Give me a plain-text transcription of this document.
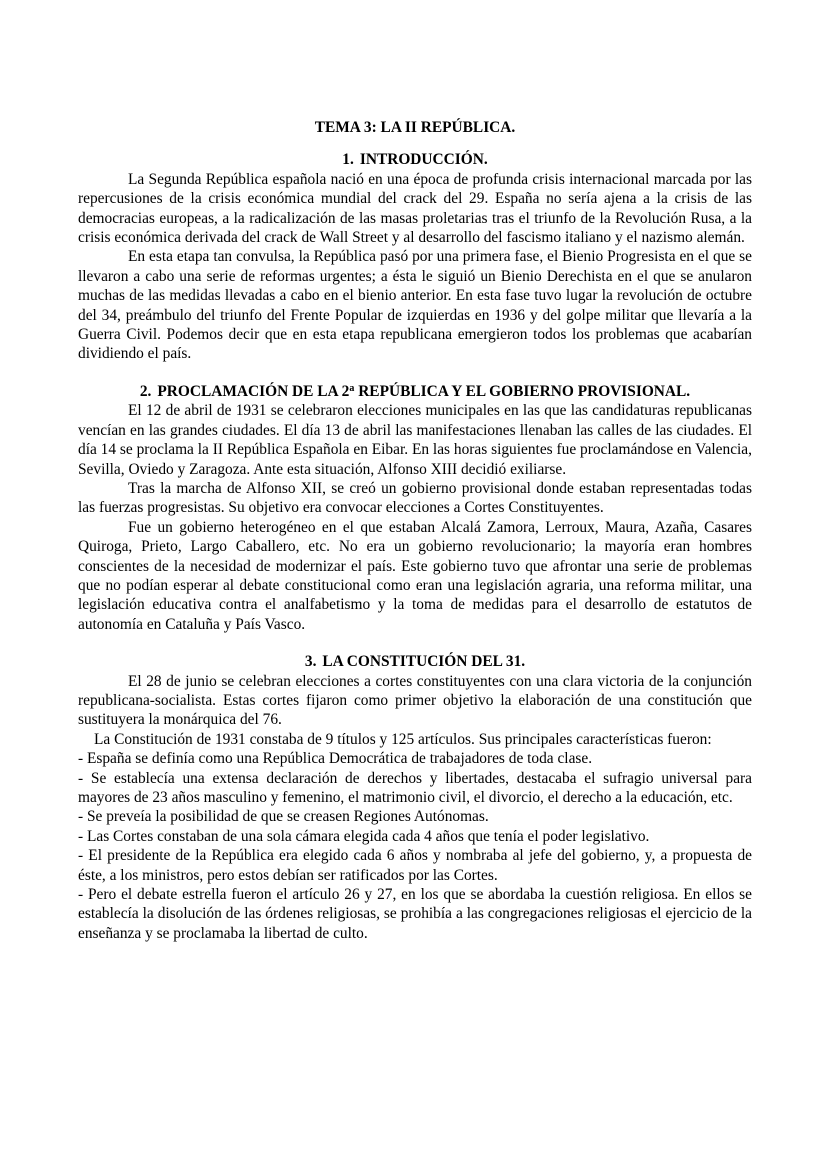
TEMA 3: LA II REPÚBLICA.
1. INTRODUCCIÓN.

La Segunda República española nació en una época de profunda crisis internacional marcada por las repercusiones de la crisis económica mundial del crack del 29. España no sería ajena a la crisis de las democracias europeas, a la radicalización de las masas proletarias tras el triunfo de la Revolución Rusa, a la crisis económica derivada del crack de Wall Street y al desarrollo del fascismo italiano y el nazismo alemán.

En esta etapa tan convulsa, la República pasó por una primera fase, el Bienio Progresista en el que se llevaron a cabo una serie de reformas urgentes; a ésta le siguió un Bienio Derechista en el que se anularon muchas de las medidas llevadas a cabo en el bienio anterior. En esta fase tuvo lugar la revolución de octubre del 34, preámbulo del triunfo del Frente Popular de izquierdas en 1936 y del golpe militar que llevaría a la Guerra Civil. Podemos decir que en esta etapa republicana emergieron todos los problemas que acabarían dividiendo el país.

2. PROCLAMACIÓN DE LA 2$^a$ REPÚBLICA Y EL GOBIERNO PROVISIONAL.

El 12 de abril de 1931 se celebraron elecciones municipales en las que las candidaturas republicanas vencían en las grandes ciudades. El día 13 de abril las manifestaciones llenaban las calles de las ciudades. El día 14 se proclama la II República Española en Eibar. En las horas siguientes fue proclamándose en Valencia, Sevilla, Oviedo y Zaragoza. Ante esta situación, Alfonso XIII decidió exiliarse.

Tras la marcha de Alfonso XII, se creó un gobierno provisional donde estaban representadas todas las fuerzas progresistas. Su objetivo era convocar elecciones a Cortes Constituyentes.

Fue un gobierno heterogéneo en el que estaban Alcalá Zamora, Lerroux, Maura, Azaña, Casares Quiroga, Prieto, Largo Caballero, etc. No era un gobierno revolucionario; la mayoría eran hombres conscientes de la necesidad de modernizar el país. Este gobierno tuvo que afrontar una serie de problemas que no podían esperar al debate constitucional como eran una legislación agraria, una reforma militar, una legislación educativa contra el analfabetismo y la toma de medidas para el desarrollo de estatutos de autonomía en Cataluña y País Vasco.

3. LA CONSTITUCIÓN DEL 31.

El 28 de junio se celebran elecciones a cortes constituyentes con una clara victoria de la conjunción republicana-socialista. Estas cortes fijaron como primer objetivo la elaboración de una constitución que sustituyera la monárquica del 76.

La Constitución de 1931 constaba de 9 títulos y 125 artículos. Sus principales características fueron:

- España se definía como una República Democrática de trabajadores de toda clase.

- Se establecía una extensa declaración de derechos y libertades, destacaba el sufragio universal para mayores de 23 años masculino y femenino, el matrimonio civil, el divorcio, el derecho a la educación, etc.

- Se preveía la posibilidad de que se creasen Regiones Autónomas.

- Las Cortes constaban de una sola cámara elegida cada 4 años que tenía el poder legislativo.

- El presidente de la República era elegido cada 6 años y nombraba al jefe del gobierno, y, a propuesta de éste, a los ministros, pero estos debían ser ratificados por las Cortes.

- Pero el debate estrella fueron el artículo 26 y 27, en los que se abordaba la cuestión religiosa. En ellos se establecía la disolución de las órdenes religiosas, se prohibía a las congregaciones religiosas el ejercicio de la enseñanza y se proclamaba la libertad de culto.
